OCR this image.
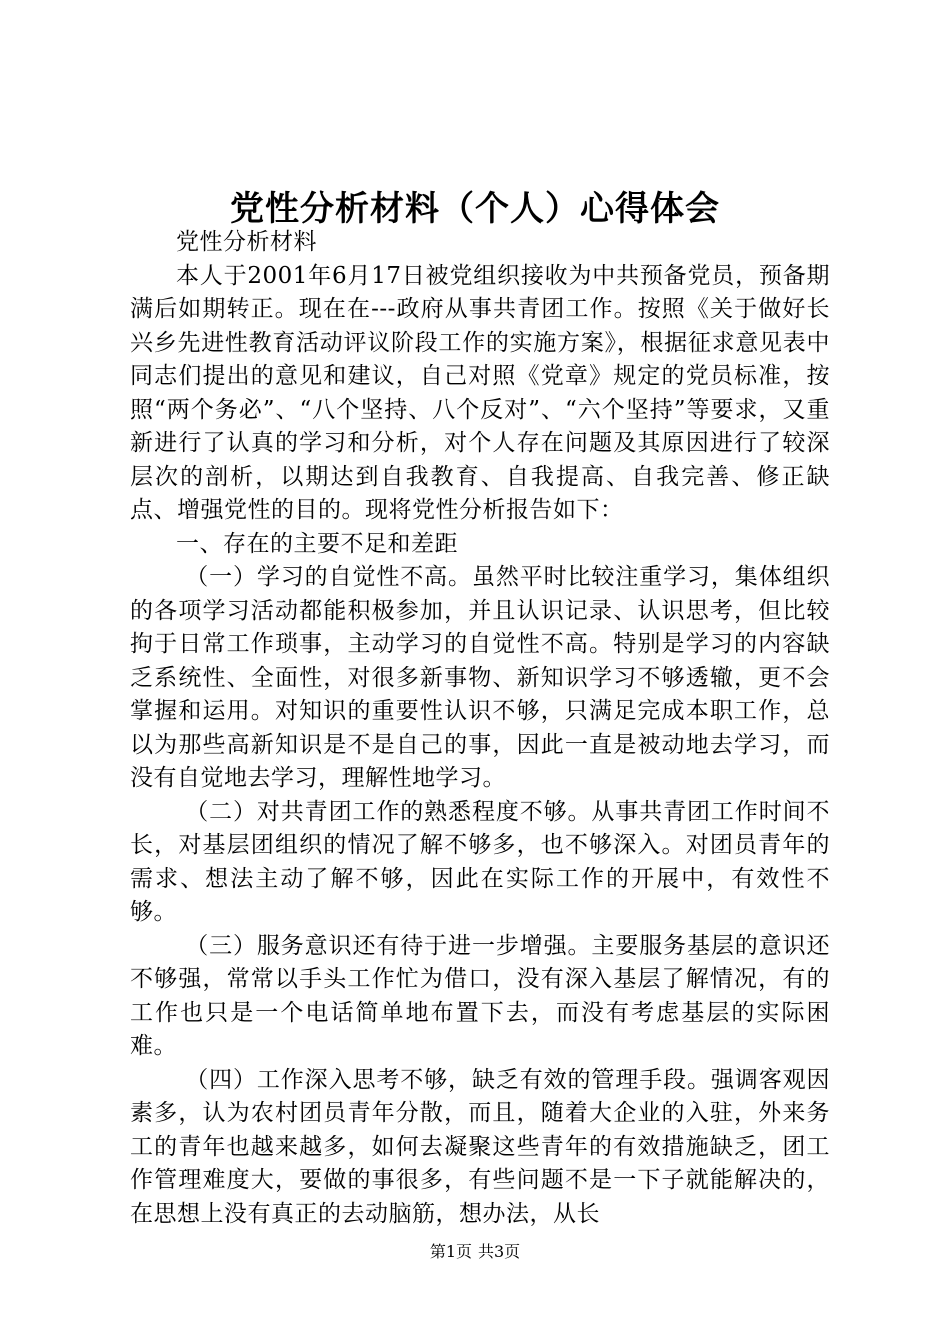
党性分析材料（个人）心得体会

党性分析材料

本人于2001年6月17日被党组织接收为中共预备党员，预备期满后如期转正。现在在---政府从事共青团工作。按照《关于做好长兴乡先进性教育活动评议阶段工作的实施方案》，根据征求意见表中同志们提出的意见和建议，自己对照《党章》规定的党员标准，按照“两个务必”、“八个坚持、八个反对”、“六个坚持”等要求，又重新进行了认真的学习和分析，对个人存在问题及其原因进行了较深层次的剖析，以期达到自我教育、自我提高、自我完善、修正缺点、增强党性的目的。现将党性分析报告如下：

一、存在的主要不足和差距

（一）学习的自觉性不高。虽然平时比较注重学习，集体组织的各项学习活动都能积极参加，并且认识记录、认识思考，但比较拘于日常工作琐事，主动学习的自觉性不高。特别是学习的内容缺乏系统性、全面性，对很多新事物、新知识学习不够透辙，更不会掌握和运用。对知识的重要性认识不够，只满足完成本职工作，总以为那些高新知识是不是自己的事，因此一直是被动地去学习，而没有自觉地去学习，理解性地学习。

（二）对共青团工作的熟悉程度不够。从事共青团工作时间不长，对基层团组织的情况了解不够多，也不够深入。对团员青年的需求、想法主动了解不够，因此在实际工作的开展中，有效性不够。

（三）服务意识还有待于进一步增强。主要服务基层的意识还不够强，常常以手头工作忙为借口，没有深入基层了解情况，有的工作也只是一个电话简单地布置下去，而没有考虑基层的实际困难。

（四）工作深入思考不够，缺乏有效的管理手段。强调客观因素多，认为农村团员青年分散，而且，随着大企业的入驻，外来务工的青年也越来越多，如何去凝聚这些青年的有效措施缺乏，团工作管理难度大，要做的事很多，有些问题不是一下子就能解决的，在思想上没有真正的去动脑筋，想办法，从长

第1页 共3页
